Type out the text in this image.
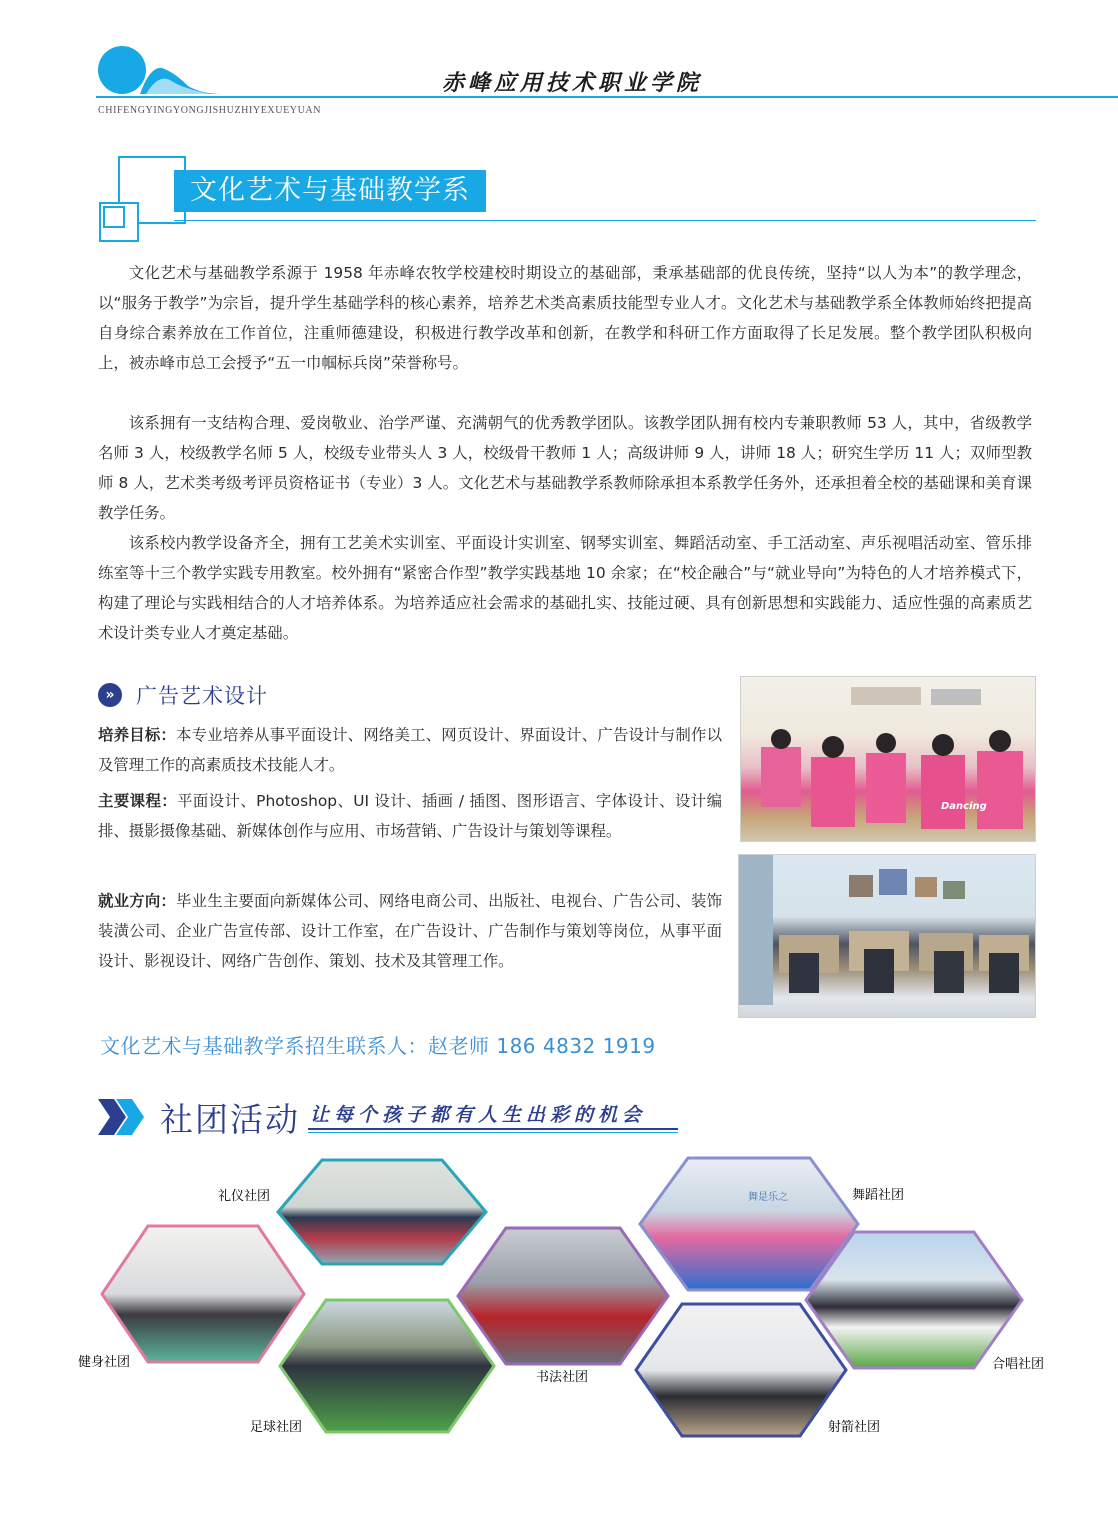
赤峰应用技术职业学院
CHIFENGYINGYONGJISHUZHIYEXUEYUAN
文化艺术与基础教学系

文化艺术与基础教学系源于 1958 年赤峰农牧学校建校时期设立的基础部，秉承基础部的优良传统，坚持“以人为本”的教学理念，以“服务于教学”为宗旨，提升学生基础学科的核心素养，培养艺术类高素质技能型专业人才。文化艺术与基础教学系全体教师始终把提高自身综合素养放在工作首位，注重师德建设，积极进行教学改革和创新，在教学和科研工作方面取得了长足发展。整个教学团队积极向上，被赤峰市总工会授予“五一巾帼标兵岗”荣誉称号。

该系拥有一支结构合理、爱岗敬业、治学严谨、充满朝气的优秀教学团队。该教学团队拥有校内专兼职教师 53 人，其中，省级教学名师 3 人，校级教学名师 5 人，校级专业带头人 3 人，校级骨干教师 1 人；高级讲师 9 人，讲师 18 人；研究生学历 11 人；双师型教师 8 人，艺术类考级考评员资格证书（专业）3 人。文化艺术与基础教学系教师除承担本系教学任务外，还承担着全校的基础课和美育课教学任务。

该系校内教学设备齐全，拥有工艺美术实训室、平面设计实训室、钢琴实训室、舞蹈活动室、手工活动室、声乐视唱活动室、管乐排练室等十三个教学实践专用教室。校外拥有“紧密合作型”教学实践基地 10 余家；在“校企融合”与“就业导向”为特色的人才培养模式下，构建了理论与实践相结合的人才培养体系。为培养适应社会需求的基础扎实、技能过硬、具有创新思想和实践能力、适应性强的高素质艺术设计类专业人才奠定基础。

»	广告艺术设计

培养目标：本专业培养从事平面设计、网络美工、网页设计、界面设计、广告设计与制作以及管理工作的高素质技术技能人才。

主要课程：平面设计、Photoshop、UI 设计、插画 / 插图、图形语言、字体设计、设计编排、摄影摄像基础、新媒体创作与应用、市场营销、广告设计与策划等课程。

就业方向：毕业生主要面向新媒体公司、网络电商公司、出版社、电视台、广告公司、装饰装潢公司、企业广告宣传部、设计工作室，在广告设计、广告制作与策划等岗位，从事平面设计、影视设计、网络广告创作、策划、技术及其管理工作。

文化艺术与基础教学系招生联系人：赵老师 186 4832 1919
Dancing
社团活动 让每个孩子都有人生出彩的机会
舞是乐之
礼仪社团
健身社团
足球社团
书法社团
舞蹈社团
合唱社团
射箭社团
